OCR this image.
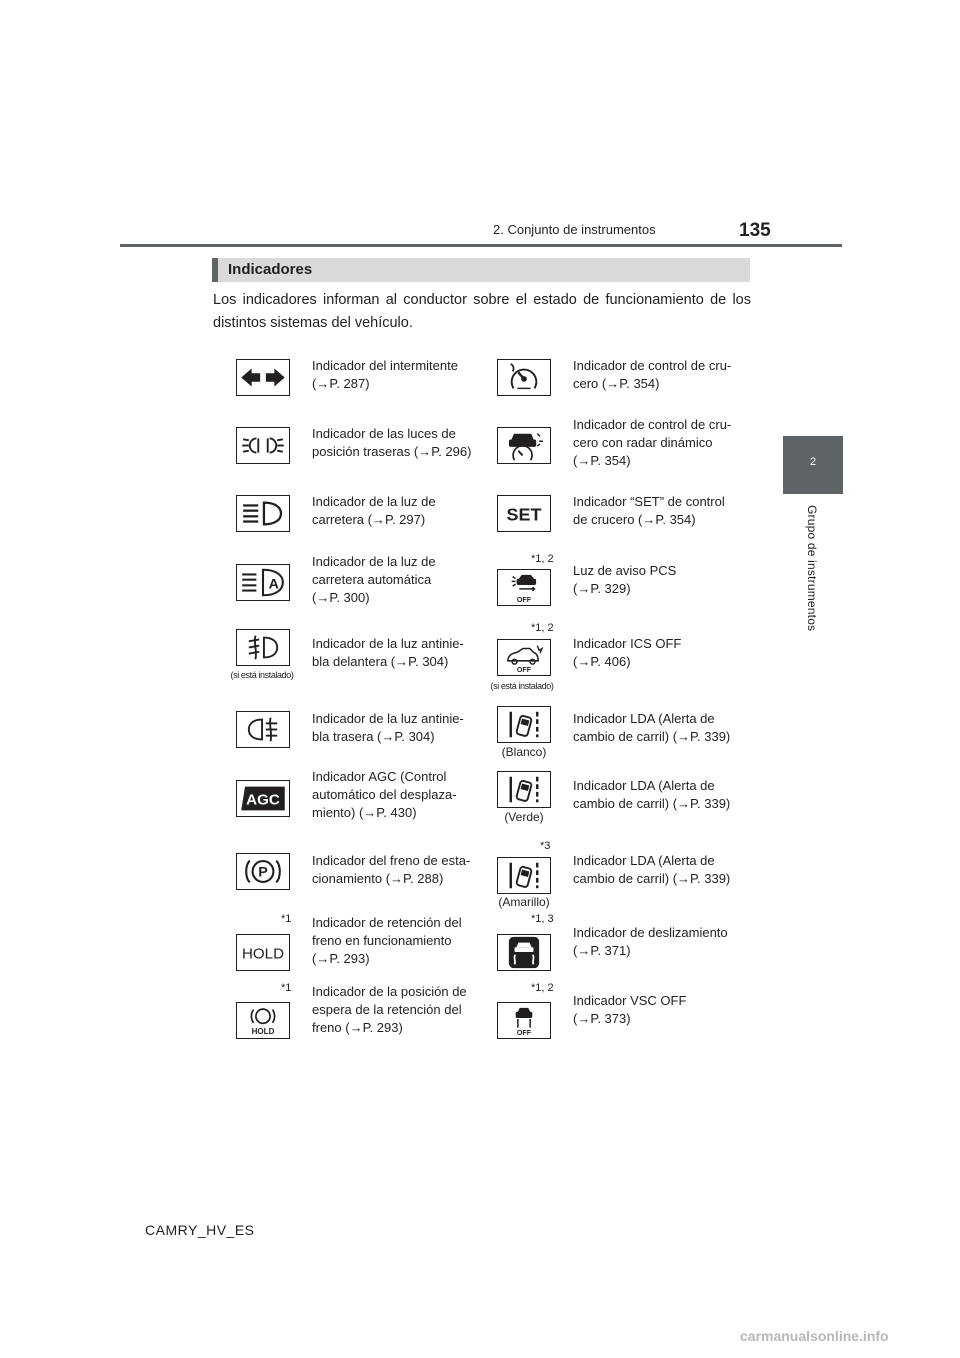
2. Conjunto de instrumentos	135
2
Grupo de instrumentos
Indicadores
Los indicadores informan al conductor sobre el estado de funcionamiento de los distintos sistemas del vehículo.
Indicador del intermitente
(→P. 287)
Indicador de las luces de
posición traseras (→P. 296)
Indicador de la luz de
carretera (→P. 297)
A
Indicador de la luz de
carretera automática
(→P. 300)
(si está instalado)
Indicador de la luz antinie-
bla delantera (→P. 304)
Indicador de la luz antinie-
bla trasera (→P. 304)
AGC
Indicador AGC (Control
automático del desplaza-
miento) (→P. 430)
P
Indicador del freno de esta-
cionamiento (→P. 288)
*1
HOLD
Indicador de retención del
freno en funcionamiento
(→P. 293)
*1
HOLD
Indicador de la posición de
espera de la retención del
freno (→P. 293)
Indicador de control de cru-
cero (→P. 354)
Indicador de control de cru-
cero con radar dinámico
(→P. 354)
SET
Indicador “SET” de control
de crucero (→P. 354)
*1, 2
OFF
Luz de aviso PCS
(→P. 329)
*1, 2
OFF
(si está instalado)
Indicador ICS OFF
(→P. 406)
(Blanco)
Indicador LDA (Alerta de
cambio de carril) (→P. 339)
(Verde)
Indicador LDA (Alerta de
cambio de carril) (→P. 339)
*3
(Amarillo)
Indicador LDA (Alerta de
cambio de carril) (→P. 339)
*1, 3
Indicador de deslizamiento
(→P. 371)
*1, 2
OFF
Indicador VSC OFF
(→P. 373)
CAMRY_HV_ES
carmanualsonline.info
